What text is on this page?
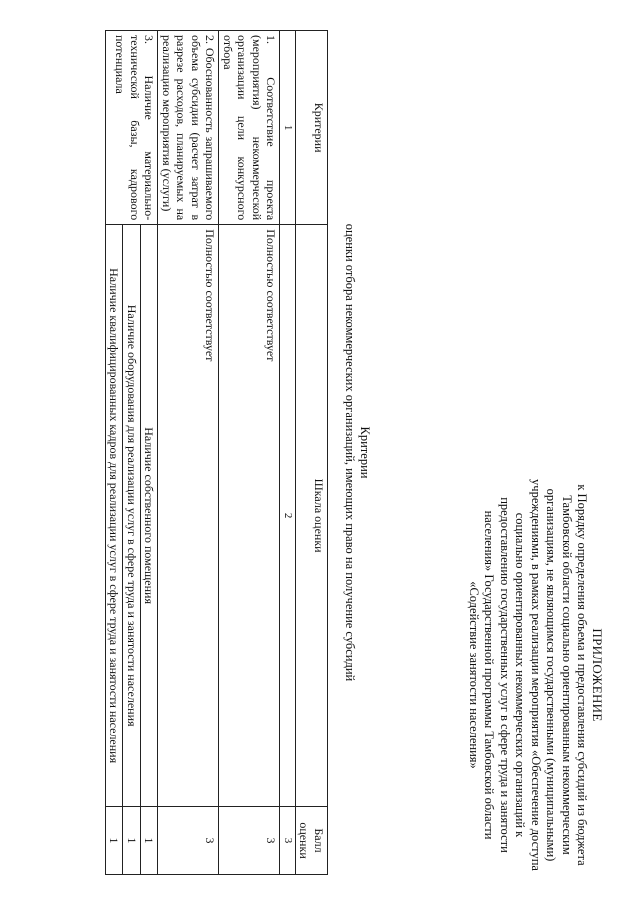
ПРИЛОЖЕНИЕ
к Порядку определения объема и предоставления субсидий из бюджета Тамбовской области социально ориентированным некоммерческим организациям, не являющимся государственными (муниципальными) учреждениями, в рамках реализации мероприятия «Обеспечение доступа социально ориентированных некоммерческих организаций к предоставлению государственных услуг в сфере труда и занятости населения» Государственной программы Тамбовской области «Содействие занятости населения»
Критерии
оценки отбора некоммерческих организаций, имеющих право на получение субсидий
Критерии	Шкала оценки	Балл оценки
1	2	3
1. Соответствие проекта (мероприятия) некоммерческой организации цели конкурсного отбора	Полностью соответствует	3
2. Обоснованность запрашиваемого объема субсидии (расчет затрат в разрезе расходов, планируемых на реализацию мероприятия (услуги)	Полностью соответствует	3
3. Наличие материально-технической базы, кадрового потенциала	Наличие собственного помещения	1
	Наличие оборудования для реализации услуг в сфере труда и занятости населения	1
	Наличие квалифицированных кадров для реализации услуг в сфере труда и занятости населения	1
